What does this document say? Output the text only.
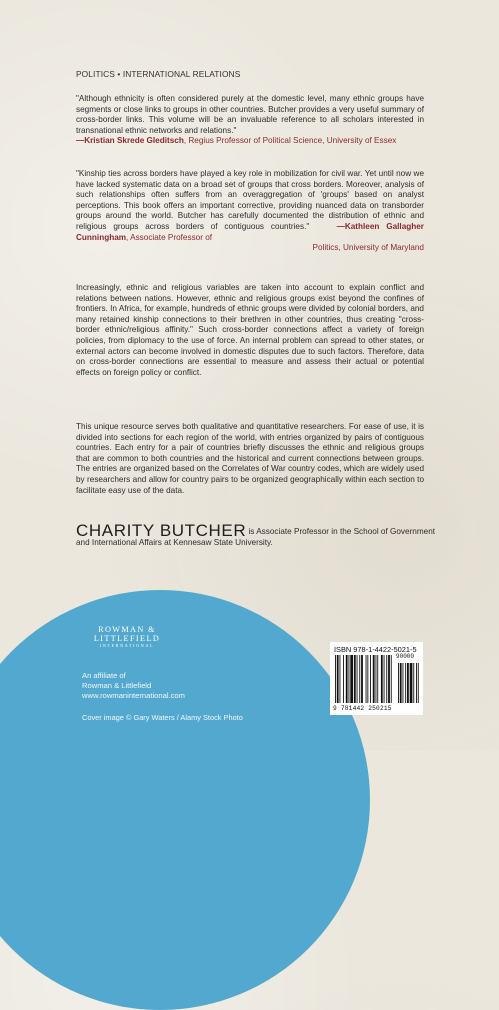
POLITICS • INTERNATIONAL RELATIONS
"Although ethnicity is often considered purely at the domestic level, many ethnic groups have segments or close links to groups in other countries. Butcher provides a very useful summary of cross-border links. This volume will be an invaluable reference to all scholars interested in transnational ethnic networks and relations."
—Kristian Skrede Gleditsch, Regius Professor of Political Science, University of Essex
"Kinship ties across borders have played a key role in mobilization for civil war. Yet until now we have lacked systematic data on a broad set of groups that cross borders. Moreover, analysis of such relationships often suffers from an overaggregation of 'groups' based on analyst perceptions. This book offers an important corrective, providing nuanced data on transborder groups around the world. Butcher has carefully documented the distribution of ethnic and religious groups across borders of contiguous countries."	—Kathleen Gallagher Cunningham, Associate Professor of
Politics, University of Maryland
Increasingly, ethnic and religious variables are taken into account to explain conflict and relations between nations. However, ethnic and religious groups exist beyond the confines of frontiers. In Africa, for example, hundreds of ethnic groups were divided by colonial borders, and many retained kinship connections to their brethren in other countries, thus creating "cross-border ethnic/religious affinity." Such cross-border connections affect a variety of foreign policies, from diplomacy to the use of force. An internal problem can spread to other states, or external actors can become involved in domestic disputes due to such factors. Therefore, data on cross-border connections are essential to measure and assess their actual or potential effects on foreign policy or conflict.
This unique resource serves both qualitative and quantitative researchers. For ease of use, it is divided into sections for each region of the world, with entries organized by pairs of contiguous countries. Each entry for a pair of countries briefly discusses the ethnic and religious groups that are common to both countries and the historical and current connections between groups. The entries are organized based on the Correlates of War country codes, which are widely used by researchers and allow for country pairs to be organized geographically within each section to facilitate easy use of the data.
CHARITY BUTCHER is Associate Professor in the School of Government and International Affairs at Kennesaw State University.
ROWMAN &
LITTLEFIELD
INTERNATIONAL
An affiliate of
Rowman & Littlefield
www.rowmaninternational.com
Cover image © Gary Waters / Alamy Stock Photo
ISBN 978-1-4422-5021-5
90000
9 781442 250215
